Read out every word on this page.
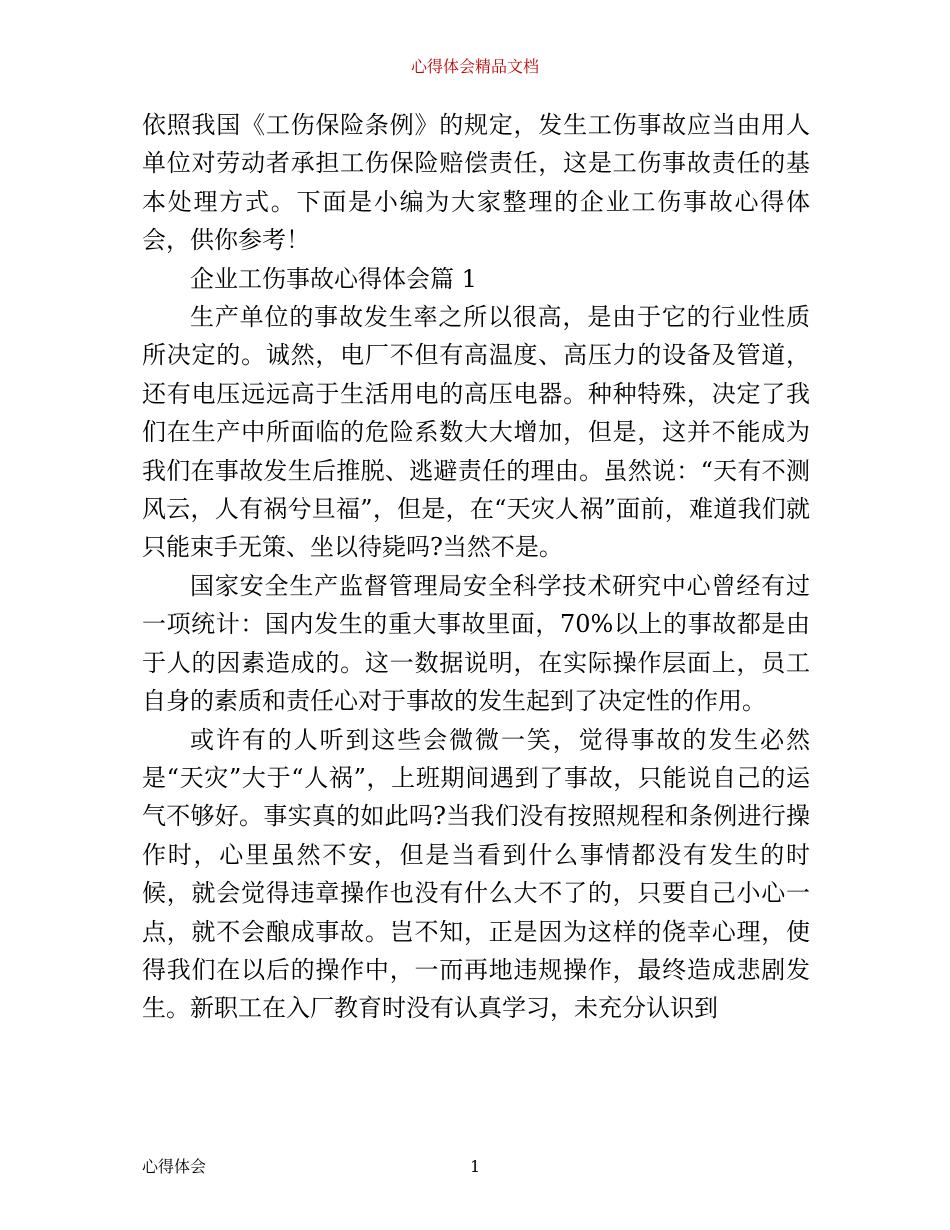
心得体会精品文档

依照我国《工伤保险条例》的规定，发生工伤事故应当由用人单位对劳动者承担工伤保险赔偿责任，这是工伤事故责任的基本处理方式。下面是小编为大家整理的企业工伤事故心得体会，供你参考！

企业工伤事故心得体会篇 1

生产单位的事故发生率之所以很高，是由于它的行业性质所决定的。诚然，电厂不但有高温度、高压力的设备及管道，还有电压远远高于生活用电的高压电器。种种特殊，决定了我们在生产中所面临的危险系数大大增加，但是，这并不能成为我们在事故发生后推脱、逃避责任的理由。虽然说：“天有不测风云，人有祸兮旦福”，但是，在“天灾人祸”面前，难道我们就只能束手无策、坐以待毙吗?当然不是。

国家安全生产监督管理局安全科学技术研究中心曾经有过一项统计：国内发生的重大事故里面，70%以上的事故都是由于人的因素造成的。这一数据说明，在实际操作层面上，员工自身的素质和责任心对于事故的发生起到了决定性的作用。

或许有的人听到这些会微微一笑，觉得事故的发生必然是“天灾”大于“人祸”，上班期间遇到了事故，只能说自己的运气不够好。事实真的如此吗?当我们没有按照规程和条例进行操作时，心里虽然不安，但是当看到什么事情都没有发生的时候，就会觉得违章操作也没有什么大不了的，只要自己小心一点，就不会酿成事故。岂不知，正是因为这样的侥幸心理，使得我们在以后的操作中，一而再地违规操作，最终造成悲剧发生。新职工在入厂教育时没有认真学习，未充分认识到

心得体会	1
